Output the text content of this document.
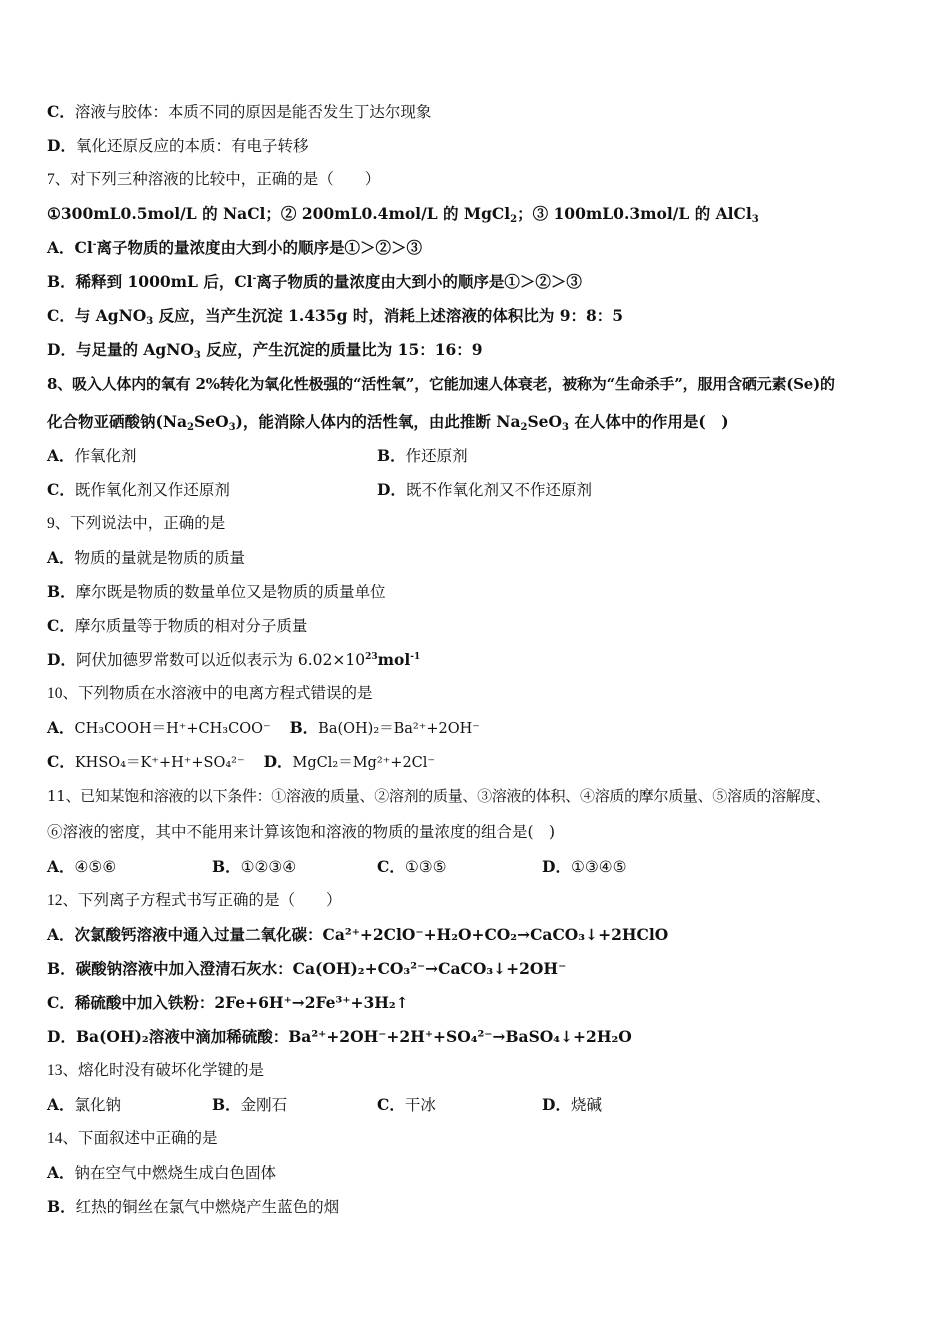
C．溶液与胶体：本质不同的原因是能否发生丁达尔现象
D．氧化还原反应的本质：有电子转移
7、对下列三种溶液的比较中，正确的是（　　）
①300mL0.5mol/L 的 NaCl；② 200mL0.4mol/L 的 MgCl$_2$；③ 100mL0.3mol/L 的 AlCl$_3$
A．Cl-离子物质的量浓度由大到小的顺序是①＞②＞③
B．稀释到 1000mL 后，Cl-离子物质的量浓度由大到小的顺序是①＞②＞③
C．与 AgNO$_3$ 反应，当产生沉淀 1.435g 时，消耗上述溶液的体积比为 9：8：5
D．与足量的 AgNO$_3$ 反应，产生沉淀的质量比为 15：16：9
8、吸入人体内的氧有 2%转化为氧化性极强的“活性氧”，它能加速人体衰老，被称为“生命杀手”，服用含硒元素(Se)的
化合物亚硒酸钠$(Na_2SeO_3)$，能消除人体内的活性氧，由此推断 $Na_2SeO_3$ 在人体中的作用是(　)
A．作氧化剂	B．作还原剂
C．既作氧化剂又作还原剂	D．既不作氧化剂又不作还原剂
9、下列说法中，正确的是
A．物质的量就是物质的质量
B．摩尔既是物质的数量单位又是物质的质量单位
C．摩尔质量等于物质的相对分子质量
D．阿伏加德罗常数可以近似表示为 $6.02\times 10^{23}mol^{-1}$
10、下列物质在水溶液中的电离方程式错误的是
A．CH₃COOH＝H⁺+CH₃COO⁻ B．Ba(OH)₂＝Ba²⁺+2OH⁻
C．KHSO₄＝K⁺+H⁺+SO₄²⁻ D．MgCl₂＝Mg²⁺+2Cl⁻
11、已知某饱和溶液的以下条件：①溶液的质量、②溶剂的质量、③溶液的体积、④溶质的摩尔质量、⑤溶质的溶解度、
⑥溶液的密度，其中不能用来计算该饱和溶液的物质的量浓度的组合是(　)
A．④⑤⑥	B．①②③④	C．①③⑤	D．①③④⑤
12、下列离子方程式书写正确的是（　　）
A．次氯酸钙溶液中通入过量二氧化碳：Ca²⁺+2ClO⁻+H₂O+CO₂→CaCO₃↓+2HClO
B．碳酸钠溶液中加入澄清石灰水：Ca(OH)₂+CO₃²⁻→CaCO₃↓+2OH⁻
C．稀硫酸中加入铁粉：2Fe+6H⁺→2Fe³⁺+3H₂↑
D．Ba(OH)₂溶液中滴加稀硫酸：Ba²⁺+2OH⁻+2H⁺+SO₄²⁻→BaSO₄↓+2H₂O
13、熔化时没有破坏化学键的是
A．氯化钠	B．金刚石	C．干冰	D．烧碱
14、下面叙述中正确的是
A．钠在空气中燃烧生成白色固体
B．红热的铜丝在氯气中燃烧产生蓝色的烟
